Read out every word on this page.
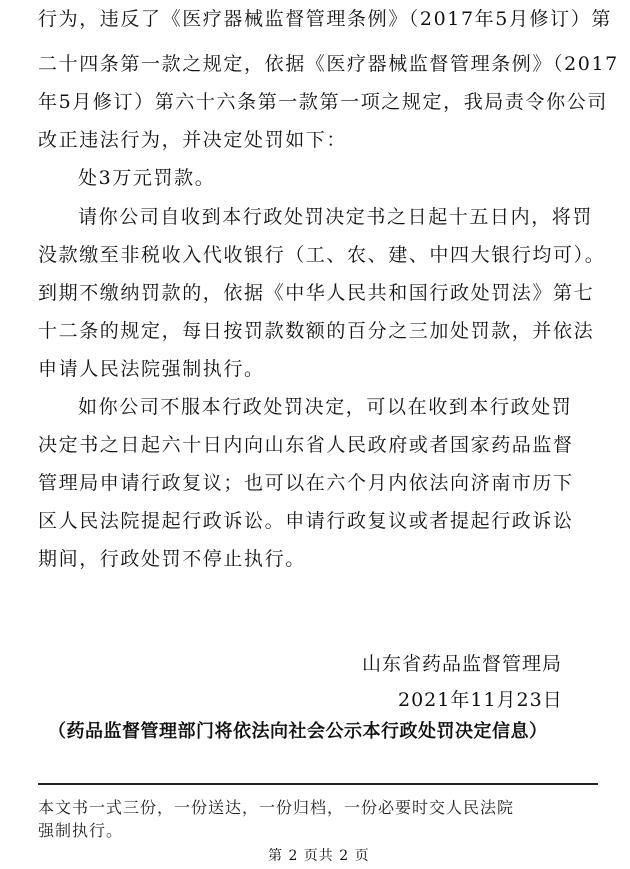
行为，违反了《医疗器械监督管理条例》（2017年5月修订）第
二十四条第一款之规定，依据《医疗器械监督管理条例》（2017
年5月修订）第六十六条第一款第一项之规定，我局责令你公司
改正违法行为，并决定处罚如下：
处3万元罚款。
请你公司自收到本行政处罚决定书之日起十五日内，将罚
没款缴至非税收入代收银行（工、农、建、中四大银行均可）。
到期不缴纳罚款的，依据《中华人民共和国行政处罚法》第七
十二条的规定，每日按罚款数额的百分之三加处罚款，并依法
申请人民法院强制执行。
如你公司不服本行政处罚决定，可以在收到本行政处罚
决定书之日起六十日内向山东省人民政府或者国家药品监督
管理局申请行政复议；也可以在六个月内依法向济南市历下
区人民法院提起行政诉讼。申请行政复议或者提起行政诉讼
期间，行政处罚不停止执行。
山东省药品监督管理局
2021年11月23日
（药品监督管理部门将依法向社会公示本行政处罚决定信息）
本文书一式三份，一份送达，一份归档，一份必要时交人民法院
强制执行。
第 2 页共 2 页
